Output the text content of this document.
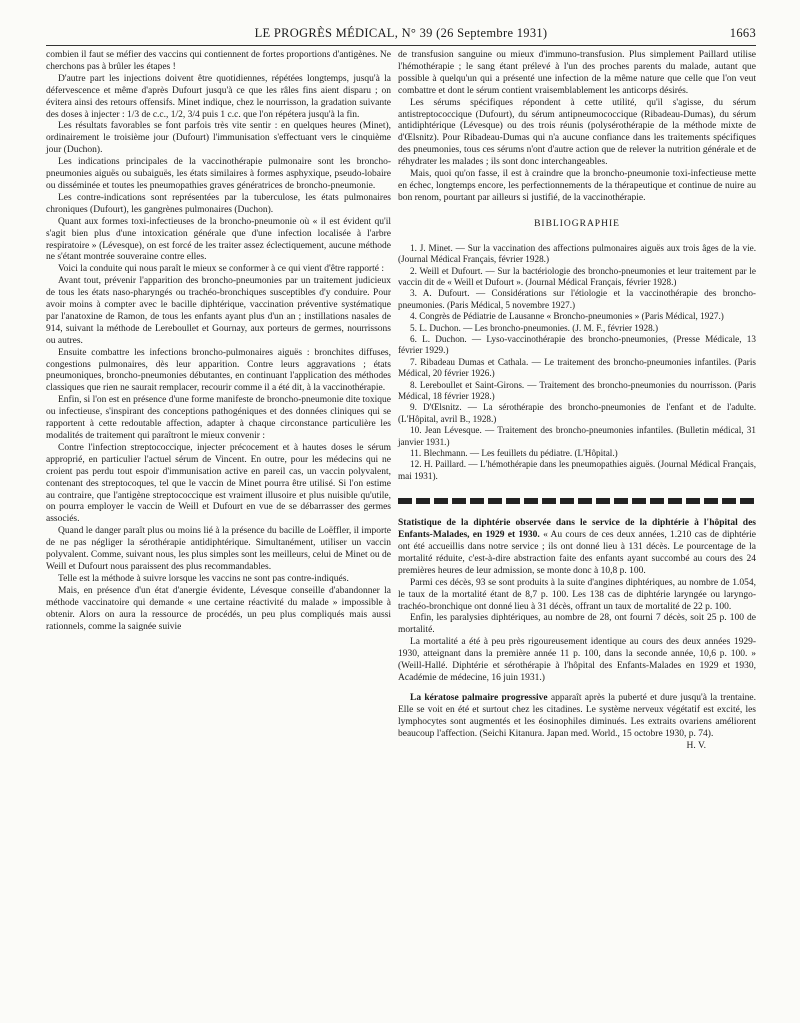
LE PROGRÈS MÉDICAL, N° 39 (26 Septembre 1931)	1663

combien il faut se méfier des vaccins qui contiennent de fortes proportions d'antigènes. Ne cherchons pas à brûler les étapes !

D'autre part les injections doivent être quotidiennes, répétées longtemps, jusqu'à la défervescence et même d'après Dufourt jusqu'à ce que les râles fins aient disparu ; on évitera ainsi des retours offensifs. Minet indique, chez le nourrisson, la gradation suivante des doses à injecter : 1/3 de c.c., 1/2, 3/4 puis 1 c.c. que l'on répétera jusqu'à la fin.

Les résultats favorables se font parfois très vite sentir : en quelques heures (Minet), ordinairement le troisième jour (Dufourt) l'immunisation s'effectuant vers le cinquième jour (Duchon).

Les indications principales de la vaccinothérapie pulmonaire sont les broncho-pneumonies aiguës ou subaiguës, les états similaires à formes asphyxique, pseudo-lobaire ou disséminée et toutes les pneumopathies graves génératrices de broncho-pneumonie.

Les contre-indications sont représentées par la tuberculose, les états pulmonaires chroniques (Dufourt), les gangrènes pulmonaires (Duchon).

Quant aux formes toxi-infectieuses de la broncho-pneumonie où « il est évident qu'il s'agit bien plus d'une intoxication générale que d'une infection localisée à l'arbre respiratoire » (Lévesque), on est forcé de les traiter assez éclectiquement, aucune méthode ne s'étant montrée souveraine contre elles.

Voici la conduite qui nous paraît le mieux se conformer à ce qui vient d'être rapporté :

Avant tout, prévenir l'apparition des broncho-pneumonies par un traitement judicieux de tous les états naso-pharyngés ou trachéo-bronchiques susceptibles d'y conduire. Pour avoir moins à compter avec le bacille diphtérique, vaccination préventive systématique par l'anatoxine de Ramon, de tous les enfants ayant plus d'un an ; instillations nasales de 914, suivant la méthode de Lereboullet et Gournay, aux porteurs de germes, nourrissons ou autres.

Ensuite combattre les infections broncho-pulmonaires aiguës : bronchites diffuses, congestions pulmonaires, dès leur apparition. Contre leurs aggravations ; états pneumoniques, broncho-pneumonies débutantes, en continuant l'application des méthodes classiques que rien ne saurait remplacer, recourir comme il a été dit, à la vaccinothérapie.

Enfin, si l'on est en présence d'une forme manifeste de broncho-pneumonie dite toxique ou infectieuse, s'inspirant des conceptions pathogéniques et des données cliniques qui se rapportent à cette redoutable affection, adapter à chaque circonstance particulière les modalités de traitement qui paraîtront le mieux convenir :

Contre l'infection streptococcique, injecter précocement et à hautes doses le sérum approprié, en particulier l'actuel sérum de Vincent. En outre, pour les médecins qui ne croient pas perdu tout espoir d'immunisation active en pareil cas, un vaccin polyvalent, contenant des streptocoques, tel que le vaccin de Minet pourra être utilisé. Si l'on estime au contraire, que l'antigène streptococcique est vraiment illusoire et plus nuisible qu'utile, on pourra employer le vaccin de Weill et Dufourt en vue de se débarrasser des germes associés.

Quand le danger paraît plus ou moins lié à la présence du bacille de Loëffler, il importe de ne pas négliger la sérothérapie antidiphtérique. Simultanément, utiliser un vaccin polyvalent. Comme, suivant nous, les plus simples sont les meilleurs, celui de Minet ou de Weill et Dufourt nous paraissent des plus recommandables.

Telle est la méthode à suivre lorsque les vaccins ne sont pas contre-indiqués.

Mais, en présence d'un état d'anergie évidente, Lévesque conseille d'abandonner la méthode vaccinatoire qui demande « une certaine réactivité du malade » impossible à obtenir. Alors on aura la ressource de procédés, un peu plus compliqués mais aussi rationnels, comme la saignée suivie

de transfusion sanguine ou mieux d'immuno-transfusion. Plus simplement Paillard utilise l'hémothérapie ; le sang étant prélevé à l'un des proches parents du malade, autant que possible à quelqu'un qui a présenté une infection de la même nature que celle que l'on veut combattre et dont le sérum contient vraisemblablement les anticorps désirés.

Les sérums spécifiques répondent à cette utilité, qu'il s'agisse, du sérum antistreptococcique (Dufourt), du sérum antipneumococcique (Ribadeau-Dumas), du sérum antidiphtérique (Lévesque) ou des trois réunis (polysérothérapie de la méthode mixte de d'Œlsnitz). Pour Ribadeau-Dumas qui n'a aucune confiance dans les traitements spécifiques des pneumonies, tous ces sérums n'ont d'autre action que de relever la nutrition générale et de réhydrater les malades ; ils sont donc interchangeables.

Mais, quoi qu'on fasse, il est à craindre que la broncho-pneumonie toxi-infectieuse mette en échec, longtemps encore, les perfectionnements de la thérapeutique et continue de nuire au bon renom, pourtant par ailleurs si justifié, de la vaccinothérapie.

BIBLIOGRAPHIE

1. J. Minet. — Sur la vaccination des affections pulmonaires aiguës aux trois âges de la vie. (Journal Médical Français, février 1928.)

2. Weill et Dufourt. — Sur la bactériologie des broncho-pneumonies et leur traitement par le vaccin dit de « Weill et Dufourt ». (Journal Médical Français, février 1928.)

3. A. Dufourt. — Considérations sur l'étiologie et la vaccinothérapie des broncho-pneumonies. (Paris Médical, 5 novembre 1927.)

4. Congrès de Pédiatrie de Lausanne « Broncho-pneumonies » (Paris Médical, 1927.)

5. L. Duchon. — Les broncho-pneumonies. (J. M. F., février 1928.)

6. L. Duchon. — Lyso-vaccinothérapie des broncho-pneumonies, (Presse Médicale, 13 février 1929.)

7. Ribadeau Dumas et Cathala. — Le traitement des broncho-pneumonies infantiles. (Paris Médical, 20 février 1926.)

8. Lereboullet et Saint-Girons. — Traitement des broncho-pneumonies du nourrisson. (Paris Médical, 18 février 1928.)

9. D'Œlsnitz. — La sérothérapie des broncho-pneumonies de l'enfant et de l'adulte. (L'Hôpital, avril B., 1928.)

10. Jean Lévesque. — Traitement des broncho-pneumonies infantiles. (Bulletin médical, 31 janvier 1931.)

11. Blechmann. — Les feuillets du pédiatre. (L'Hôpital.)

12. H. Paillard. — L'hémothérapie dans les pneumopathies aiguës. (Journal Médical Français, mai 1931).

Statistique de la diphtérie observée dans le service de la diphtérie à l'hôpital des Enfants-Malades, en 1929 et 1930. « Au cours de ces deux années, 1.210 cas de diphtérie ont été accueillis dans notre service ; ils ont donné lieu à 131 décès. Le pourcentage de la mortalité réduite, c'est-à-dire abstraction faite des enfants ayant succombé au cours des 24 premières heures de leur admission, se monte donc à 10,8 p. 100.

Parmi ces décès, 93 se sont produits à la suite d'angines diphtériques, au nombre de 1.054, le taux de la mortalité étant de 8,7 p. 100. Les 138 cas de diphtérie laryngée ou laryngo-trachéo-bronchique ont donné lieu à 31 décès, offrant un taux de mortalité de 22 p. 100.

Enfin, les paralysies diphtériques, au nombre de 28, ont fourni 7 décès, soit 25 p. 100 de mortalité.

La mortalité a été à peu près rigoureusement identique au cours des deux années 1929-1930, atteignant dans la première année 11 p. 100, dans la seconde année, 10,6 p. 100. » (Weill-Hallé. Diphtérie et sérothérapie à l'hôpital des Enfants-Malades en 1929 et 1930, Académie de médecine, 16 juin 1931.)

La kératose palmaire progressive apparaît après la puberté et dure jusqu'à la trentaine. Elle se voit en été et surtout chez les citadines. Le système nerveux végétatif est excité, les lymphocytes sont augmentés et les éosinophiles diminués. Les extraits ovariens améliorent beaucoup l'affection. (Seichi Kitanura. Japan med. World., 15 octobre 1930, p. 74).

H. V.
